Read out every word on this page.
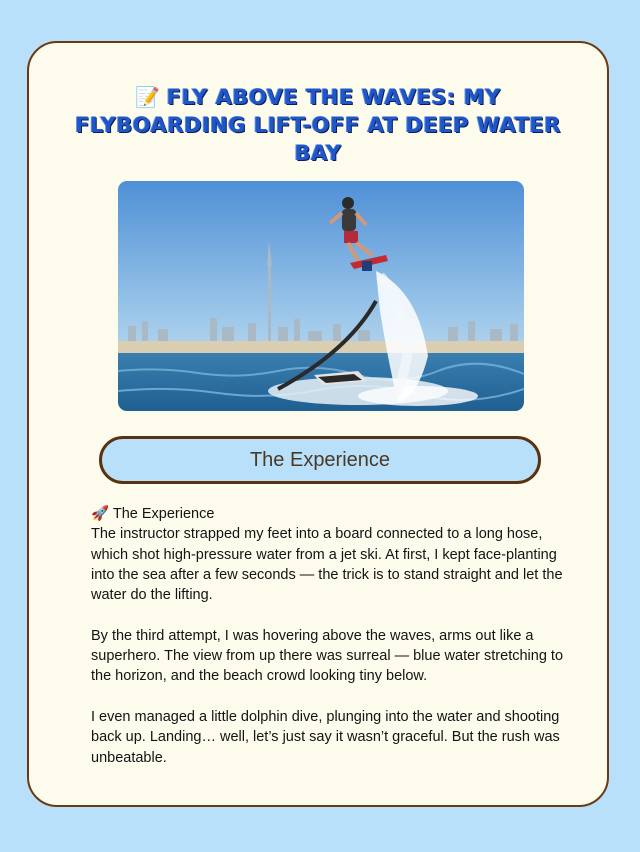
📝 FLY ABOVE THE WAVES: MY FLYBOARDING LIFT-OFF AT DEEP WATER BAY
The Experience
🚀 The Experience

The instructor strapped my feet into a board connected to a long hose, which shot high-pressure water from a jet ski. At first, I kept face-planting into the sea after a few seconds — the trick is to stand straight and let the water do the lifting.

By the third attempt, I was hovering above the waves, arms out like a superhero. The view from up there was surreal — blue water stretching to the horizon, and the beach crowd looking tiny below.

I even managed a little dolphin dive, plunging into the water and shooting back up. Landing… well, let’s just say it wasn’t graceful. But the rush was unbeatable.
